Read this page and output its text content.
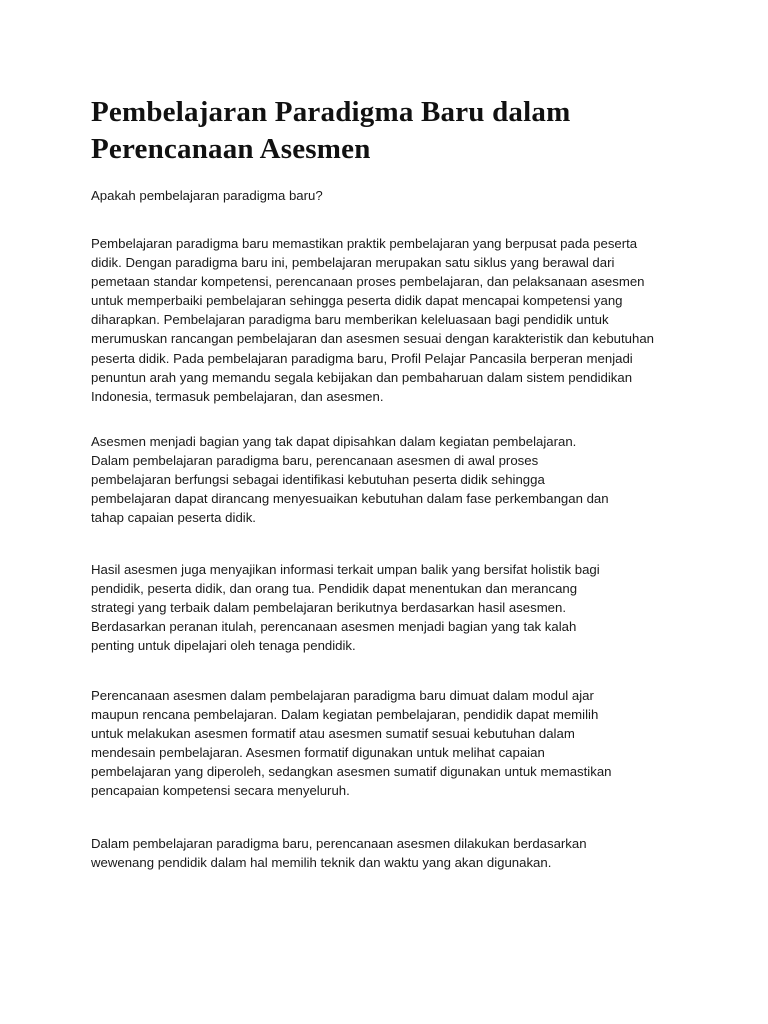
Pembelajaran Paradigma Baru dalam
Perencanaan Asesmen

Apakah pembelajaran paradigma baru?

Pembelajaran paradigma baru memastikan praktik pembelajaran yang berpusat pada peserta
didik. Dengan paradigma baru ini, pembelajaran merupakan satu siklus yang berawal dari
pemetaan standar kompetensi, perencanaan proses pembelajaran, dan pelaksanaan asesmen
untuk memperbaiki pembelajaran sehingga peserta didik dapat mencapai kompetensi yang
diharapkan. Pembelajaran paradigma baru memberikan keleluasaan bagi pendidik untuk
merumuskan rancangan pembelajaran dan asesmen sesuai dengan karakteristik dan kebutuhan
peserta didik. Pada pembelajaran paradigma baru, Profil Pelajar Pancasila berperan menjadi
penuntun arah yang memandu segala kebijakan dan pembaharuan dalam sistem pendidikan
Indonesia, termasuk pembelajaran, dan asesmen.

Asesmen menjadi bagian yang tak dapat dipisahkan dalam kegiatan pembelajaran.
Dalam pembelajaran paradigma baru, perencanaan asesmen di awal proses
pembelajaran berfungsi sebagai identifikasi kebutuhan peserta didik sehingga
pembelajaran dapat dirancang menyesuaikan kebutuhan dalam fase perkembangan dan
tahap capaian peserta didik.

Hasil asesmen juga menyajikan informasi terkait umpan balik yang bersifat holistik bagi
pendidik, peserta didik, dan orang tua. Pendidik dapat menentukan dan merancang
strategi yang terbaik dalam pembelajaran berikutnya berdasarkan hasil asesmen.
Berdasarkan peranan itulah, perencanaan asesmen menjadi bagian yang tak kalah
penting untuk dipelajari oleh tenaga pendidik.

Perencanaan asesmen dalam pembelajaran paradigma baru dimuat dalam modul ajar
maupun rencana pembelajaran. Dalam kegiatan pembelajaran, pendidik dapat memilih
untuk melakukan asesmen formatif atau asesmen sumatif sesuai kebutuhan dalam
mendesain pembelajaran. Asesmen formatif digunakan untuk melihat capaian
pembelajaran yang diperoleh, sedangkan asesmen sumatif digunakan untuk memastikan
pencapaian kompetensi secara menyeluruh.

Dalam pembelajaran paradigma baru, perencanaan asesmen dilakukan berdasarkan
wewenang pendidik dalam hal memilih teknik dan waktu yang akan digunakan.
